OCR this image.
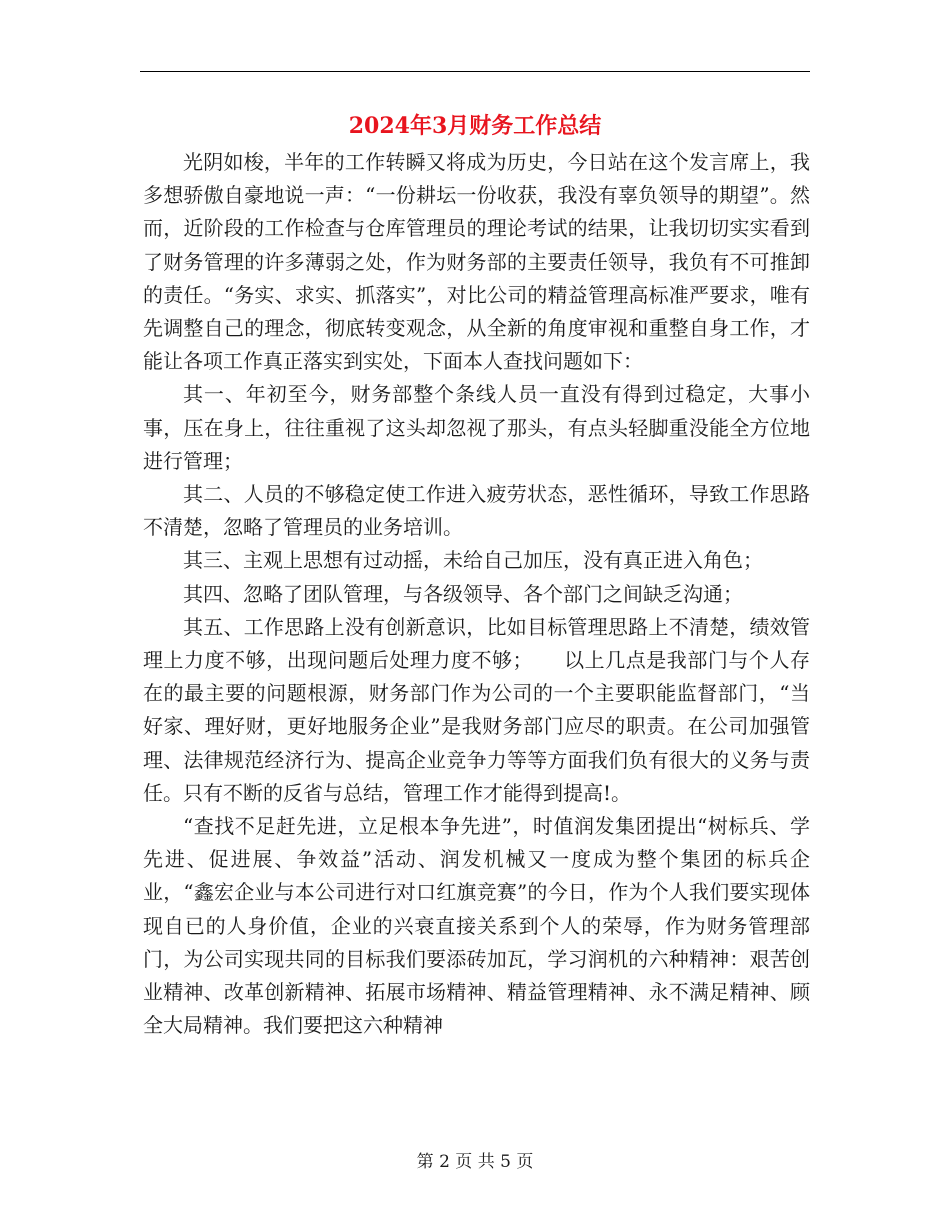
2024年3月财务工作总结

光阴如梭，半年的工作转瞬又将成为历史，今日站在这个发言席上，我多想骄傲自豪地说一声：“一份耕坛一份收获，我没有辜负领导的期望”。然而，近阶段的工作检查与仓库管理员的理论考试的结果，让我切切实实看到了财务管理的许多薄弱之处，作为财务部的主要责任领导，我负有不可推卸的责任。“务实、求实、抓落实”，对比公司的精益管理高标准严要求，唯有先调整自己的理念，彻底转变观念，从全新的角度审视和重整自身工作，才能让各项工作真正落实到实处，下面本人查找问题如下：

其一、年初至今，财务部整个条线人员一直没有得到过稳定，大事小事，压在身上，往往重视了这头却忽视了那头，有点头轻脚重没能全方位地进行管理；

其二、人员的不够稳定使工作进入疲劳状态，恶性循环，导致工作思路不清楚，忽略了管理员的业务培训。

其三、主观上思想有过动摇，未给自己加压，没有真正进入角色；

其四、忽略了团队管理，与各级领导、各个部门之间缺乏沟通；

其五、工作思路上没有创新意识，比如目标管理思路上不清楚，绩效管理上力度不够，出现问题后处理力度不够；　　以上几点是我部门与个人存在的最主要的问题根源，财务部门作为公司的一个主要职能监督部门，“当好家、理好财，更好地服务企业”是我财务部门应尽的职责。在公司加强管理、法律规范经济行为、提高企业竞争力等等方面我们负有很大的义务与责任。只有不断的反省与总结，管理工作才能得到提高!。

“查找不足赶先进，立足根本争先进”，时值润发集团提出“树标兵、学先进、促进展、争效益”活动、润发机械又一度成为整个集团的标兵企业，“鑫宏企业与本公司进行对口红旗竞赛”的今日，作为个人我们要实现体现自已的人身价值，企业的兴衰直接关系到个人的荣辱，作为财务管理部门，为公司实现共同的目标我们要添砖加瓦，学习润机的六种精神：艰苦创业精神、改革创新精神、拓展市场精神、精益管理精神、永不满足精神、顾全大局精神。我们要把这六种精神

第 2 页 共 5 页
